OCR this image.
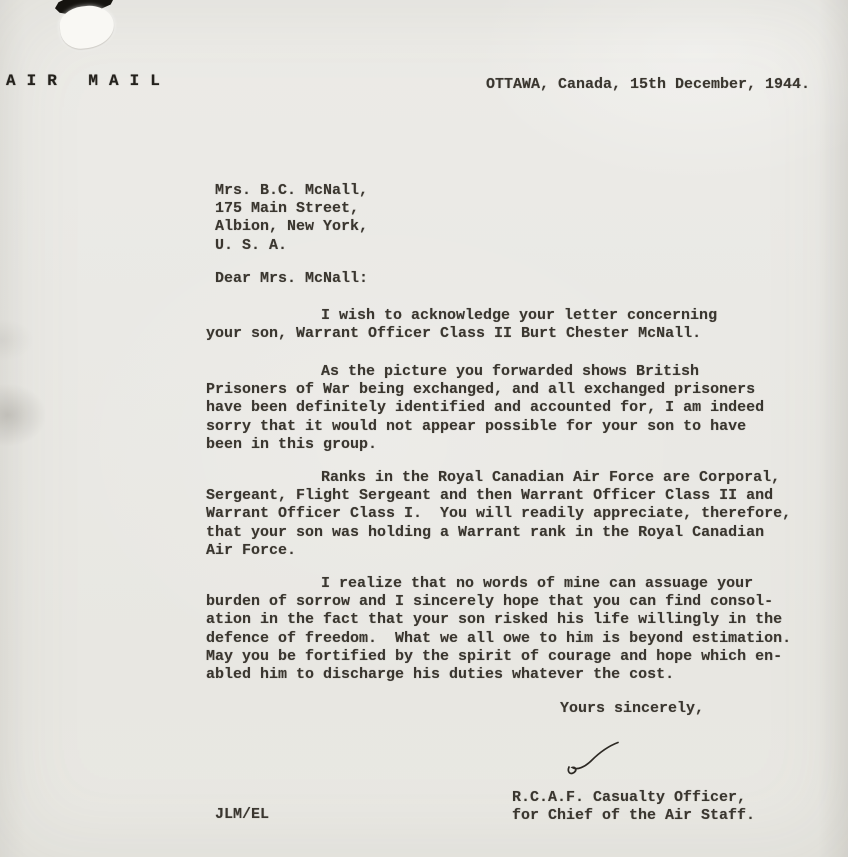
AIR MAIL	OTTAWA, Canada, 15th December, 1944.
Mrs. B.C. McNall,
175 Main Street,
Albion, New York,
U. S. A.
Dear Mrs. McNall:
I wish to acknowledge your letter concerning
your son, Warrant Officer Class II Burt Chester McNall.
As the picture you forwarded shows British
Prisoners of War being exchanged, and all exchanged prisoners
have been definitely identified and accounted for, I am indeed
sorry that it would not appear possible for your son to have
been in this group.
Ranks in the Royal Canadian Air Force are Corporal,
Sergeant, Flight Sergeant and then Warrant Officer Class II and
Warrant Officer Class I.  You will readily appreciate, therefore,
that your son was holding a Warrant rank in the Royal Canadian
Air Force.
I realize that no words of mine can assuage your
burden of sorrow and I sincerely hope that you can find consol-
ation in the fact that your son risked his life willingly in the
defence of freedom.  What we all owe to him is beyond estimation.
May you be fortified by the spirit of courage and hope which en-
abled him to discharge his duties whatever the cost.
Yours sincerely,
R.C.A.F. Casualty Officer,
for Chief of the Air Staff.
JLM/EL
